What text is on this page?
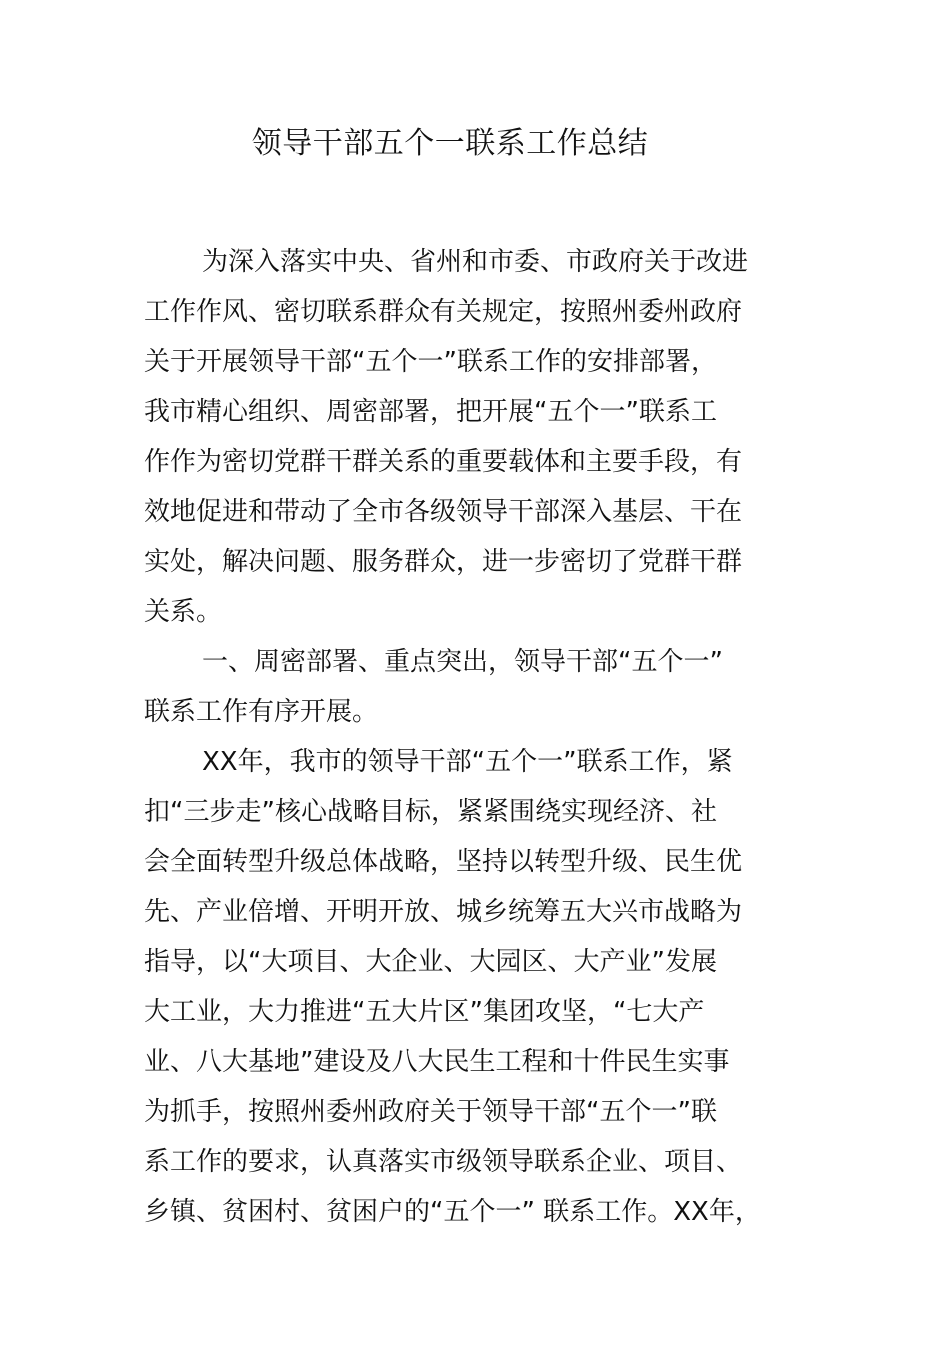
领导干部五个一联系工作总结
为深入落实中央、省州和市委、市政府关于改进
工作作风、密切联系群众有关规定，按照州委州政府
关于开展领导干部“五个一”联系工作的安排部署，
我市精心组织、周密部署，把开展“五个一”联系工
作作为密切党群干群关系的重要载体和主要手段，有
效地促进和带动了全市各级领导干部深入基层、干在
实处，解决问题、服务群众，进一步密切了党群干群
关系。
一、周密部署、重点突出，领导干部“五个一”
联系工作有序开展。
XX年，我市的领导干部“五个一”联系工作，紧
扣“三步走”核心战略目标，紧紧围绕实现经济、社
会全面转型升级总体战略，坚持以转型升级、民生优
先、产业倍增、开明开放、城乡统筹五大兴市战略为
指导，以“大项目、大企业、大园区、大产业”发展
大工业，大力推进“五大片区”集团攻坚，“七大产
业、八大基地”建设及八大民生工程和十件民生实事
为抓手，按照州委州政府关于领导干部“五个一”联
系工作的要求，认真落实市级领导联系企业、项目、
乡镇、贫困村、贫困户的“五个一” 联系工作。XX年，
